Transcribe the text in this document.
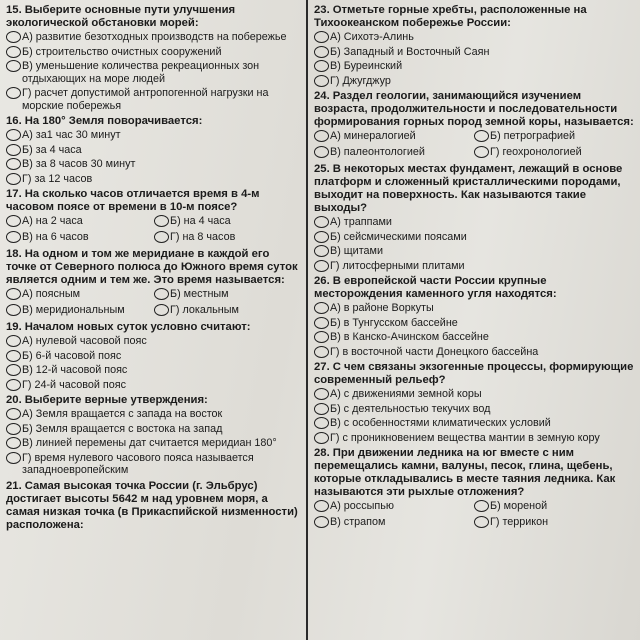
15. Выберите основные пути улучшения экологической обстановки морей:
А) развитие безотходных производств на побережье
Б) строительство очистных сооружений
В) уменьшение количества рекреационных зон отдыхающих на море людей
Г) расчет допустимой антропогенной нагрузки на морские побережья
16. На 180° Земля поворачивается:
А) за1 час 30 минут
Б) за 4 часа
В) за 8 часов 30 минут
Г) за 12 часов
17. На сколько часов отличается время в 4-м часовом поясе от времени в 10-м поясе?
А) на 2 часа	Б) на 4 часа
В) на 6 часов	Г) на 8 часов
18. На одном и том же меридиане в каждой его точке от Северного полюса до Южного время суток является одним и тем же. Это время называется:
А) поясным	Б) местным
В) меридиональным	Г) локальным
19. Началом новых суток условно считают:
А) нулевой часовой пояс
Б) 6-й часовой пояс
В) 12-й часовой пояс
Г) 24-й часовой пояс
20. Выберите верные утверждения:
А) Земля вращается с запада на восток
Б) Земля вращается с востока на запад
В) линией перемены дат считается меридиан 180°
Г) время нулевого часового пояса называется западноевропейским
21. Самая высокая точка России (г. Эльбрус) достигает высоты 5642 м над уровнем моря, а самая низкая точка (в Прикаспийской низменности) расположена:
23. Отметьте горные хребты, расположенные на Тихоокеанском побережье России:
А) Сихотэ-Алинь
Б) Западный и Восточный Саян
В) Буреинский
Г) Джугджур
24. Раздел геологии, занимающийся изучением возраста, продолжительности и последовательности формирования горных пород земной коры, называется:
А) минералогией	Б) петрографией
В) палеонтологией	Г) геохронологией
25. В некоторых местах фундамент, лежащий в основе платформ и сложенный кристаллическими породами, выходит на поверхность. Как называются такие выходы?
А) траппами
Б) сейсмическими поясами
В) щитами
Г) литосферными плитами
26. В европейской части России крупные месторождения каменного угля находятся:
А) в районе Воркуты
Б) в Тунгусском бассейне
В) в Канско-Ачинском бассейне
Г) в восточной части Донецкого бассейна
27. С чем связаны экзогенные процессы, формирующие современный рельеф?
А) с движениями земной коры
Б) с деятельностью текучих вод
В) с особенностями климатических условий
Г) с проникновением вещества мантии в земную кору
28. При движении ледника на юг вместе с ним перемещались камни, валуны, песок, глина, щебень, которые откладывались в месте таяния ледника. Как называются эти рыхлые отложения?
А) россыпью	Б) мореной
В) страпом	Г) террикон
